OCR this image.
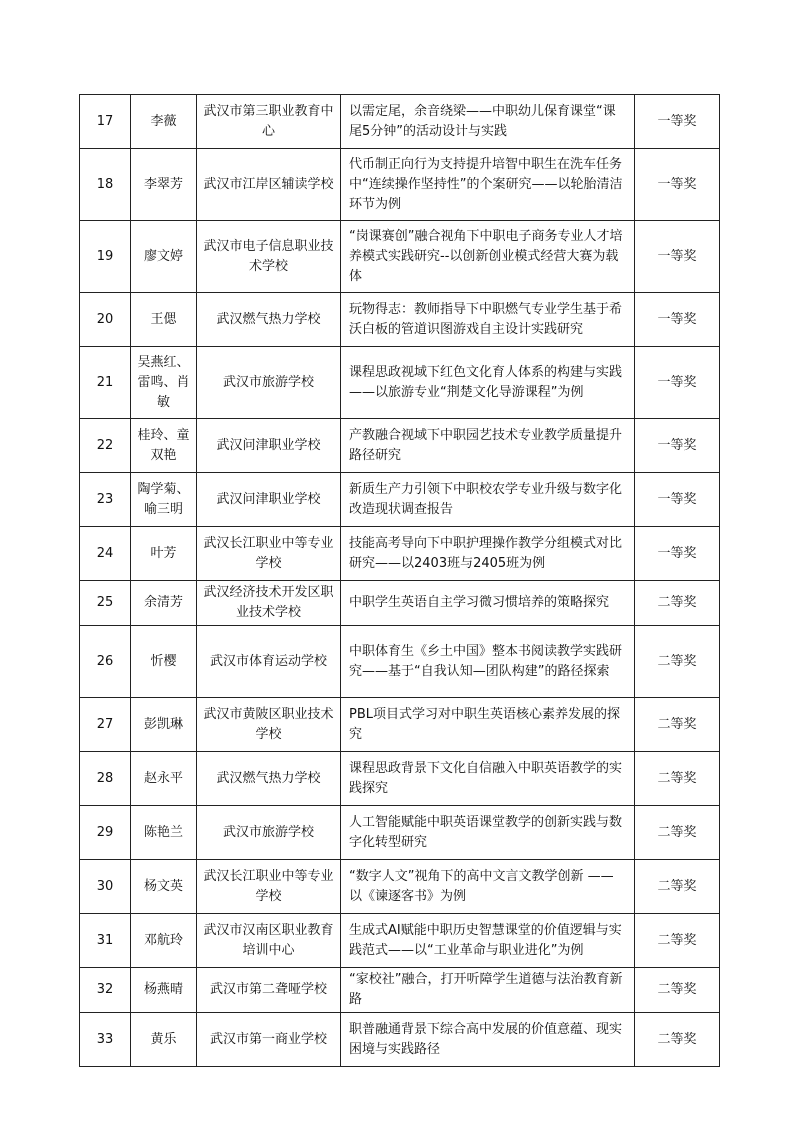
17	李薇	武汉市第三职业教育中心	以需定尾，余音绕梁——中职幼儿保育课堂“课尾5分钟”的活动设计与实践	一等奖
18	李翠芳	武汉市江岸区辅读学校	代币制正向行为支持提升培智中职生在洗车任务中“连续操作坚持性”的个案研究——以轮胎清洁环节为例	一等奖
19	廖文婷	武汉市电子信息职业技术学校	“岗课赛创”融合视角下中职电子商务专业人才培养模式实践研究--以创新创业模式经营大赛为载体	一等奖
20	王偲	武汉燃气热力学校	玩物得志：教师指导下中职燃气专业学生基于希沃白板的管道识图游戏自主设计实践研究	一等奖
21	吴燕红、雷鸣、肖敏	武汉市旅游学校	课程思政视域下红色文化育人体系的构建与实践——以旅游专业“荆楚文化导游课程”为例	一等奖
22	桂玲、童双艳	武汉问津职业学校	产教融合视域下中职园艺技术专业教学质量提升路径研究	一等奖
23	陶学菊、喻三明	武汉问津职业学校	新质生产力引领下中职校农学专业升级与数字化改造现状调查报告	一等奖
24	叶芳	武汉长江职业中等专业学校	技能高考导向下中职护理操作教学分组模式对比研究——以2403班与2405班为例	一等奖
25	余清芳	武汉经济技术开发区职业技术学校	中职学生英语自主学习微习惯培养的策略探究	二等奖
26	忻樱	武汉市体育运动学校	中职体育生《乡土中国》整本书阅读教学实践研究——基于“自我认知—团队构建”的路径探索	二等奖
27	彭凯琳	武汉市黄陂区职业技术学校	PBL项目式学习对中职生英语核心素养发展的探究	二等奖
28	赵永平	武汉燃气热力学校	课程思政背景下文化自信融入中职英语教学的实践探究	二等奖
29	陈艳兰	武汉市旅游学校	人工智能赋能中职英语课堂教学的创新实践与数字化转型研究	二等奖
30	杨文英	武汉长江职业中等专业学校	“数字人文”视角下的高中文言文教学创新 —— 以《谏逐客书》为例	二等奖
31	邓航玲	武汉市汉南区职业教育培训中心	生成式AI赋能中职历史智慧课堂的价值逻辑与实践范式——以“工业革命与职业进化”为例	二等奖
32	杨燕晴	武汉市第二聋哑学校	“家校社”融合，打开听障学生道德与法治教育新路	二等奖
33	黄乐	武汉市第一商业学校	职普融通背景下综合高中发展的价值意蕴、现实困境与实践路径	二等奖
